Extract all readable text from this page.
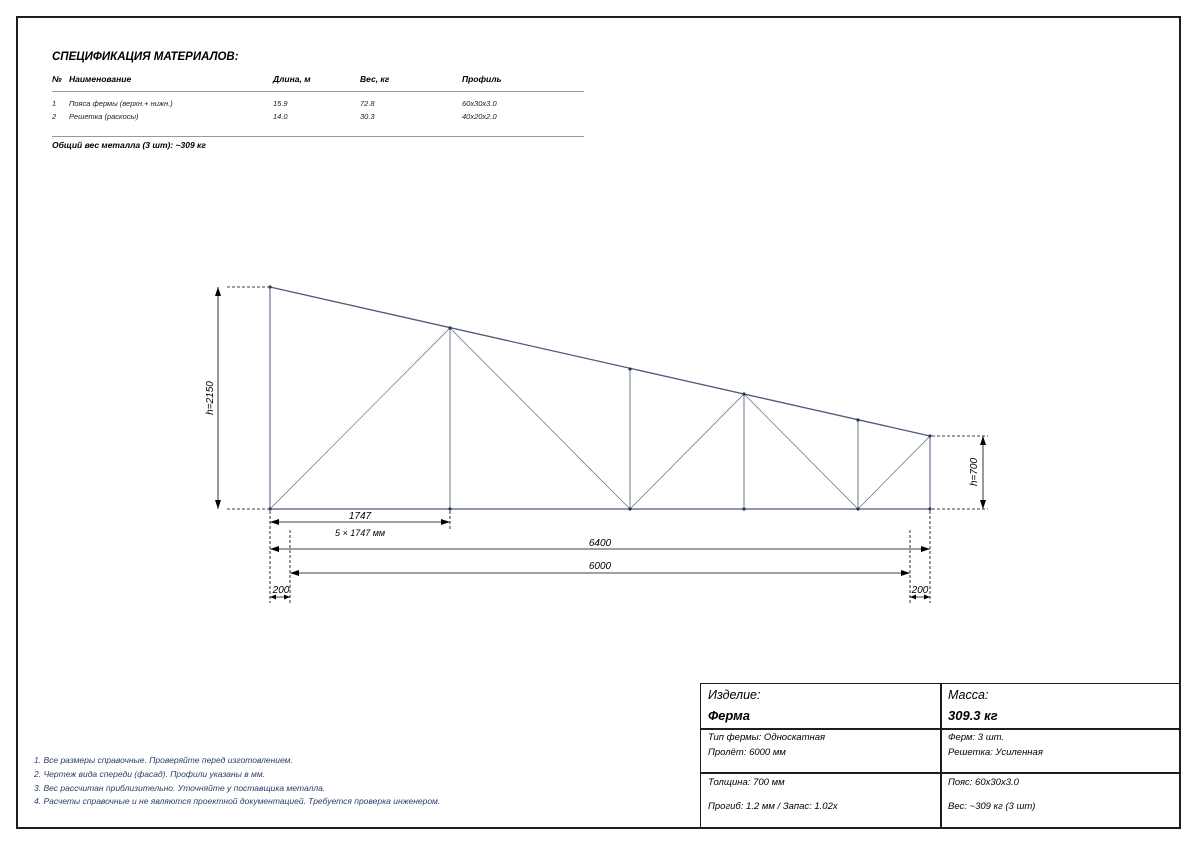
СПЕЦИФИКАЦИЯ МАТЕРИАЛОВ:
№ Наименование	Длина, м	Вес, кг	Профиль
1 Пояса фермы (верхн.+ нижн.)	15.9	72.8	60x30x3.0
2 Решетка (раскосы)	14.0	30.3	40x20x2.0
Общий вес металла (3 шт): ~309 кг
h=2150
h=700
1747
5 × 1747 мм
6400
6000
200	200
1. Все размеры справочные. Проверяйте перед изготовлением.
2. Чертеж вида спереди (фасад). Профили указаны в мм.
3. Вес рассчитан приблизительно. Уточняйте у поставщика металла.
4. Расчеты справочные и не являются проектной документацией. Требуется проверка инженером.
Изделие:
Ферма
Масса:
309.3 кг
Тип фермы: Односкатная
Пролёт: 6000 мм
Ферм: 3 шт.
Решетка: Усиленная
Толщина: 700 мм
Прогиб: 1.2 мм / Запас: 1.02x
Пояс: 60x30x3.0
Вес: ~309 кг (3 шт)
